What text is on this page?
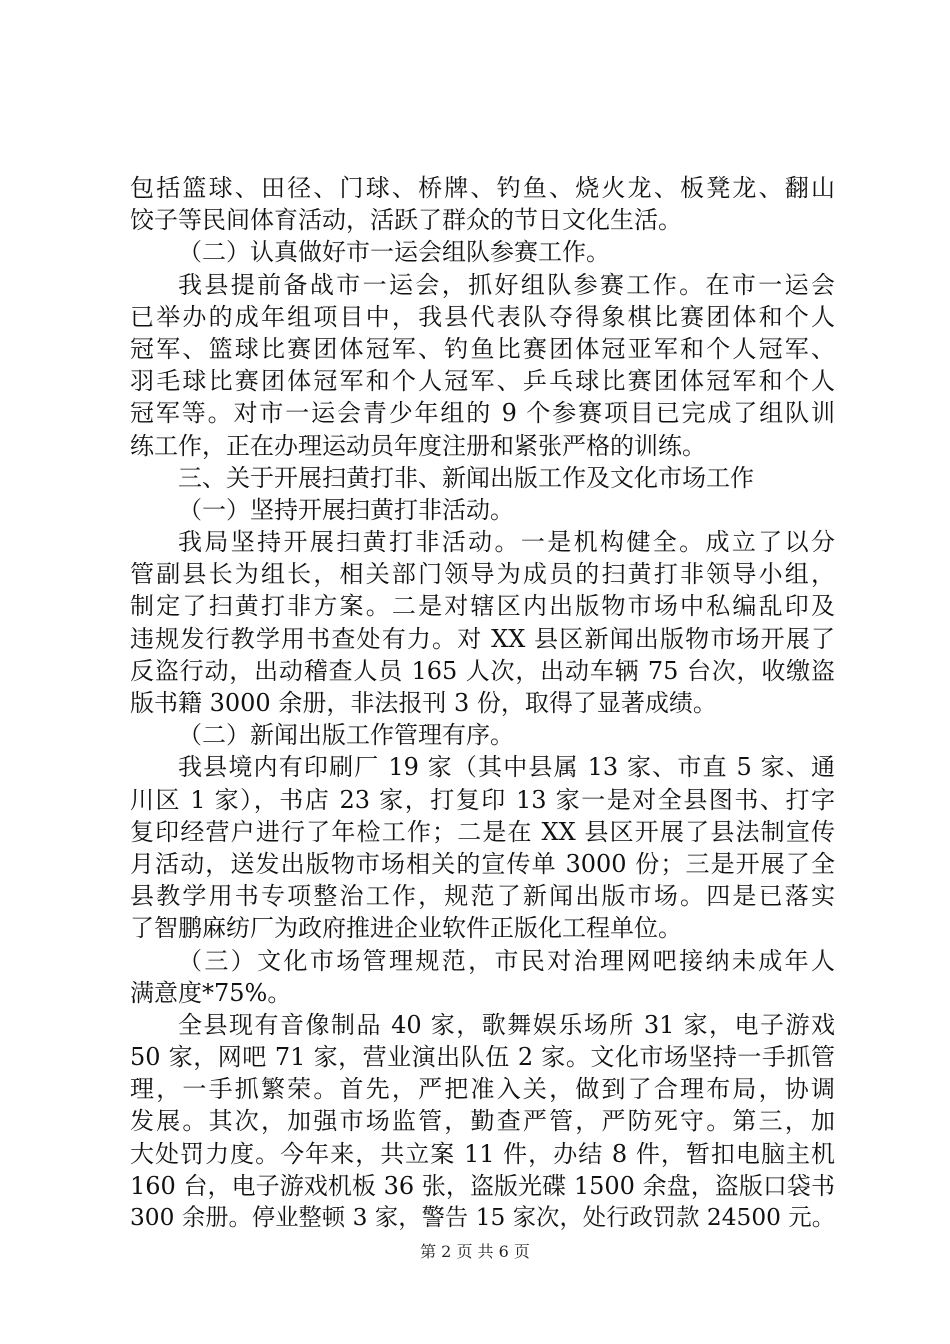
包括篮球、田径、门球、桥牌、钓鱼、烧火龙、板凳龙、翻山
饺子等民间体育活动，活跃了群众的节日文化生活。
（二）认真做好市一运会组队参赛工作。
我县提前备战市一运会，抓好组队参赛工作。在市一运会
已举办的成年组项目中，我县代表队夺得象棋比赛团体和个人
冠军、篮球比赛团体冠军、钓鱼比赛团体冠亚军和个人冠军、
羽毛球比赛团体冠军和个人冠军、乒乓球比赛团体冠军和个人
冠军等。对市一运会青少年组的 9 个参赛项目已完成了组队训
练工作，正在办理运动员年度注册和紧张严格的训练。
三、关于开展扫黄打非、新闻出版工作及文化市场工作
（一）坚持开展扫黄打非活动。
我局坚持开展扫黄打非活动。一是机构健全。成立了以分
管副县长为组长，相关部门领导为成员的扫黄打非领导小组，
制定了扫黄打非方案。二是对辖区内出版物市场中私编乱印及
违规发行教学用书查处有力。对 XX 县区新闻出版物市场开展了
反盗行动，出动稽查人员 165 人次，出动车辆 75 台次，收缴盗
版书籍 3000 余册，非法报刊 3 份，取得了显著成绩。
（二）新闻出版工作管理有序。
我县境内有印刷厂 19 家（其中县属 13 家、市直 5 家、通
川区 1 家），书店 23 家，打复印 13 家一是对全县图书、打字
复印经营户进行了年检工作；二是在 XX 县区开展了县法制宣传
月活动，送发出版物市场相关的宣传单 3000 份；三是开展了全
县教学用书专项整治工作，规范了新闻出版市场。四是已落实
了智鹏麻纺厂为政府推进企业软件正版化工程单位。
（三）文化市场管理规范，市民对治理网吧接纳未成年人
满意度*75%。
全县现有音像制品 40 家，歌舞娱乐场所 31 家，电子游戏
50 家，网吧 71 家，营业演出队伍 2 家。文化市场坚持一手抓管
理，一手抓繁荣。首先，严把准入关，做到了合理布局，协调
发展。其次，加强市场监管，勤查严管，严防死守。第三，加
大处罚力度。今年来，共立案 11 件，办结 8 件，暂扣电脑主机
160 台，电子游戏机板 36 张，盗版光碟 1500 余盘，盗版口袋书
300 余册。停业整顿 3 家，警告 15 家次，处行政罚款 24500 元。
第 2 页 共 6 页
